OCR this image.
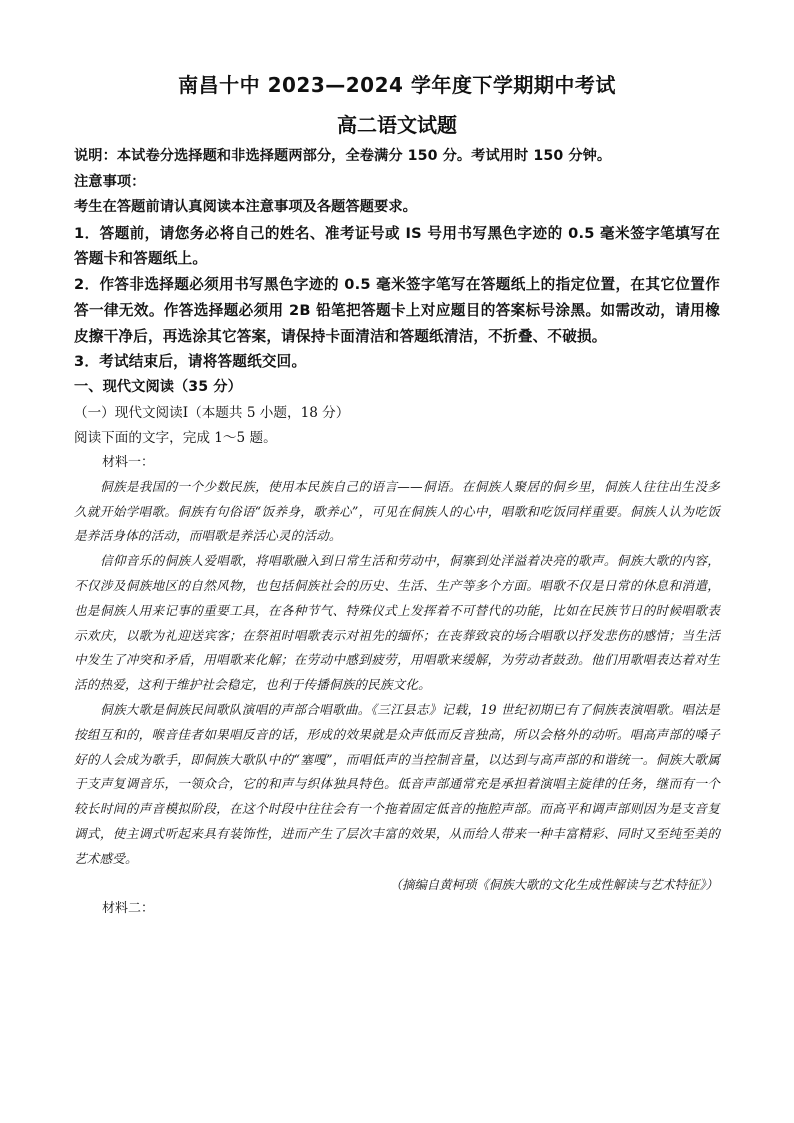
南昌十中 2023—2024 学年度下学期期中考试
高二语文试题
说明：本试卷分选择题和非选择题两部分，全卷满分 150 分。考试用时 150 分钟。
注意事项：
考生在答题前请认真阅读本注意事项及各题答题要求。
1．答题前，请您务必将自己的姓名、准考证号或 IS 号用书写黑色字迹的 0.5 毫米签字笔填写在答题卡和答题纸上。
2．作答非选择题必须用书写黑色字迹的 0.5 毫米签字笔写在答题纸上的指定位置，在其它位置作答一律无效。作答选择题必须用 2B 铅笔把答题卡上对应题目的答案标号涂黑。如需改动，请用橡皮擦干净后，再选涂其它答案，请保持卡面清洁和答题纸清洁，不折叠、不破损。
3．考试结束后，请将答题纸交回。
一、现代文阅读（35 分）
（一）现代文阅读Ⅰ（本题共 5 小题，18 分）
阅读下面的文字，完成 1～5 题。
材料一：
侗族是我国的一个少数民族，使用本民族自己的语言——侗语。在侗族人聚居的侗乡里，侗族人往往出生没多久就开始学唱歌。侗族有句俗语“饭养身，歌养心”，可见在侗族人的心中，唱歌和吃饭同样重要。侗族人认为吃饭是养活身体的活动，而唱歌是养活心灵的活动。
信仰音乐的侗族人爱唱歌，将唱歌融入到日常生活和劳动中，侗寨到处洋溢着决亮的歌声。侗族大歌的内容，不仅涉及侗族地区的自然风物，也包括侗族社会的历史、生活、生产等多个方面。唱歌不仅是日常的休息和消遣，也是侗族人用来记事的重要工具，在各种节气、特殊仪式上发挥着不可替代的功能，比如在民族节日的时候唱歌表示欢庆，以歌为礼迎送宾客；在祭祖时唱歌表示对祖先的缅怀；在丧葬致哀的场合唱歌以抒发悲伤的感情；当生活中发生了冲突和矛盾，用唱歌来化解；在劳动中感到疲劳，用唱歌来缓解，为劳动者鼓劲。他们用歌唱表达着对生活的热爱，这利于维护社会稳定，也利于传播侗族的民族文化。
侗族大歌是侗族民间歌队演唱的声部合唱歌曲。《三江县志》记载，19 世纪初期已有了侗族表演唱歌。唱法是按组互和的，喉音佳者如果唱反音的话，形成的效果就是众声低而反音独高，所以会格外的动听。唱高声部的嗓子好的人会成为歌手，即侗族大歌队中的“塞嘎”，而唱低声的当控制音量，以达到与高声部的和谐统一。侗族大歌属于支声复调音乐，一领众合，它的和声与织体独具特色。低音声部通常充是承担着演唱主旋律的任务，继而有一个较长时间的声音模拟阶段，在这个时段中往往会有一个拖着固定低音的拖腔声部。而高平和调声部则因为是支音复调式，使主调式听起来具有装饰性，进而产生了层次丰富的效果，从而给人带来一种丰富精彩、同时又至纯至美的艺术感受。
（摘编自黄柯琐《侗族大歌的文化生成性解读与艺术特征》）
材料二：
